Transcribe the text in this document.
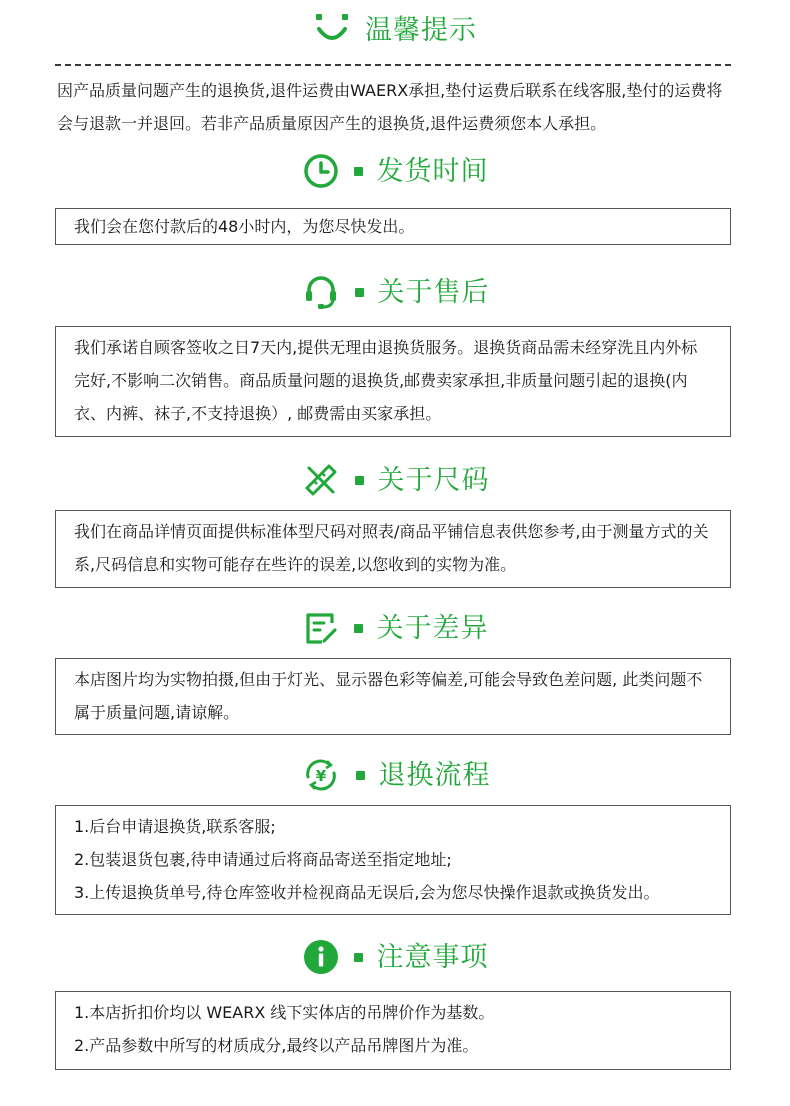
温馨提示
因产品质量问题产生的退换货,退件运费由WAERX承担,垫付运费后联系在线客服,垫付的运费将会与退款一并退回。若非产品质量原因产生的退换货,退件运费须您本人承担。
发货时间

我们会在您付款后的48小时内，为您尽快发出。

关于售后

我们承诺自顾客签收之日7天内,提供无理由退换货服务。退换货商品需未经穿洗且内外标完好,不影响二次销售。商品质量问题的退换货,邮费卖家承担,非质量问题引起的退换(内衣、内裤、袜子,不支持退换）, 邮费需由买家承担。

关于尺码

我们在商品详情页面提供标准体型尺码对照表/商品平铺信息表供您参考,由于测量方式的关系,尺码信息和实物可能存在些许的误差,以您收到的实物为准。

关于差异

本店图片均为实物拍摄,但由于灯光、显示器色彩等偏差,可能会导致色差问题, 此类问题不属于质量问题,请谅解。

¥ 退换流程

1.后台申请退换货,联系客服;

2.包装退货包裹,待申请通过后将商品寄送至指定地址;

3.上传退换货单号,待仓库签收并检视商品无误后,会为您尽快操作退款或换货发出。

注意事项

1.本店折扣价均以 WEARX 线下实体店的吊牌价作为基数。

2.产品参数中所写的材质成分,最终以产品吊牌图片为准。
